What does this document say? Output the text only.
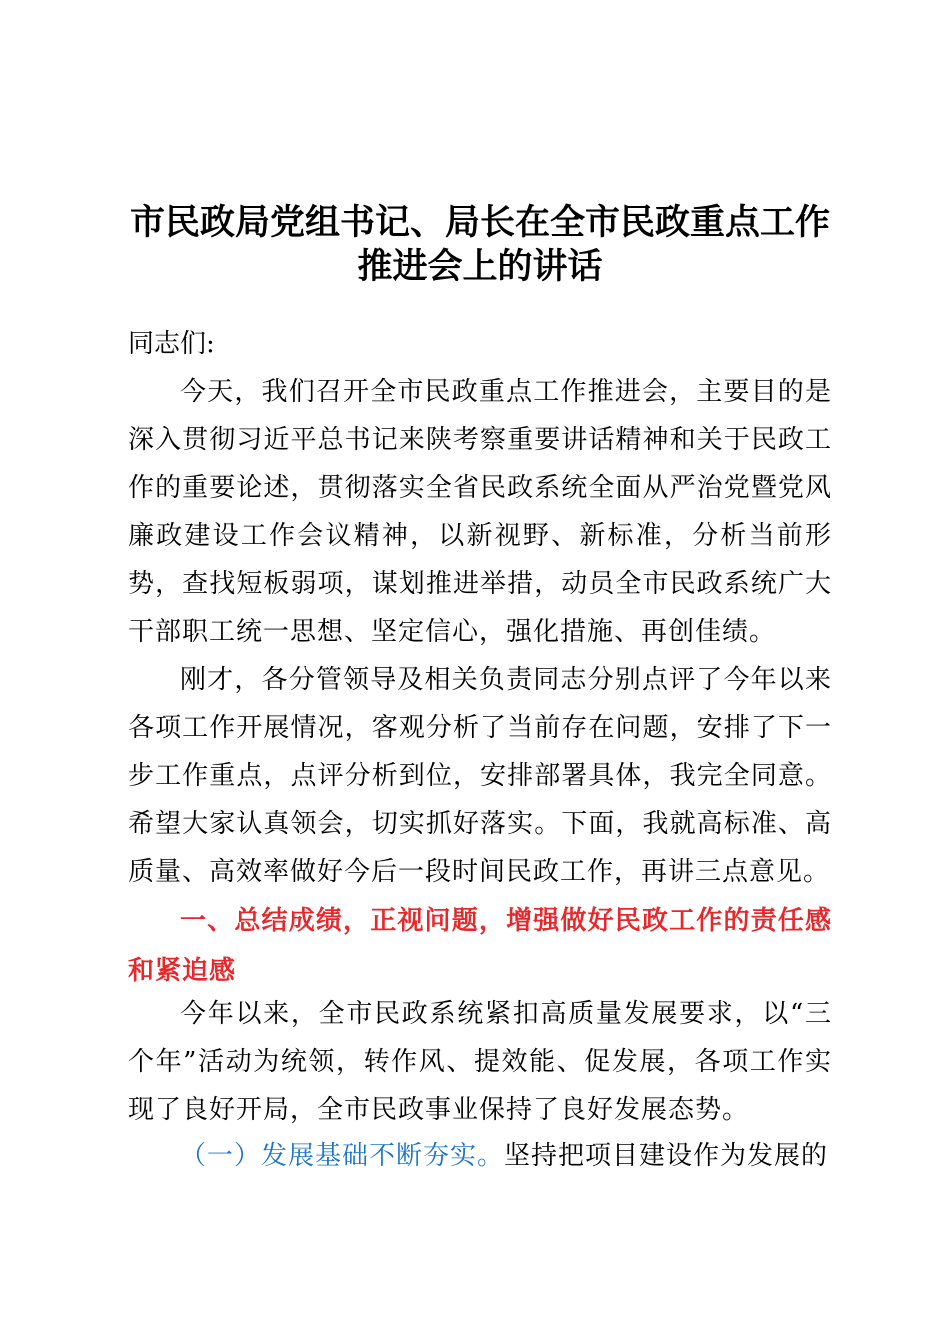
市民政局党组书记、局长在全市民政重点工作
推进会上的讲话
同志们:

今天，我们召开全市民政重点工作推进会，主要目的是深入贯彻习近平总书记来陕考察重要讲话精神和关于民政工作的重要论述，贯彻落实全省民政系统全面从严治党暨党风廉政建设工作会议精神，以新视野、新标准，分析当前形势，查找短板弱项，谋划推进举措，动员全市民政系统广大干部职工统一思想、坚定信心，强化措施、再创佳绩。

刚才，各分管领导及相关负责同志分别点评了今年以来各项工作开展情况，客观分析了当前存在问题，安排了下一步工作重点，点评分析到位，安排部署具体，我完全同意。希望大家认真领会，切实抓好落实。下面，我就高标准、高质量、高效率做好今后一段时间民政工作，再讲三点意见。

一、总结成绩，正视问题，增强做好民政工作的责任感和紧迫感

今年以来，全市民政系统紧扣高质量发展要求，以“三个年”活动为统领，转作风、提效能、促发展，各项工作实现了良好开局，全市民政事业保持了良好发展态势。

（一）发展基础不断夯实。坚持把项目建设作为发展的
